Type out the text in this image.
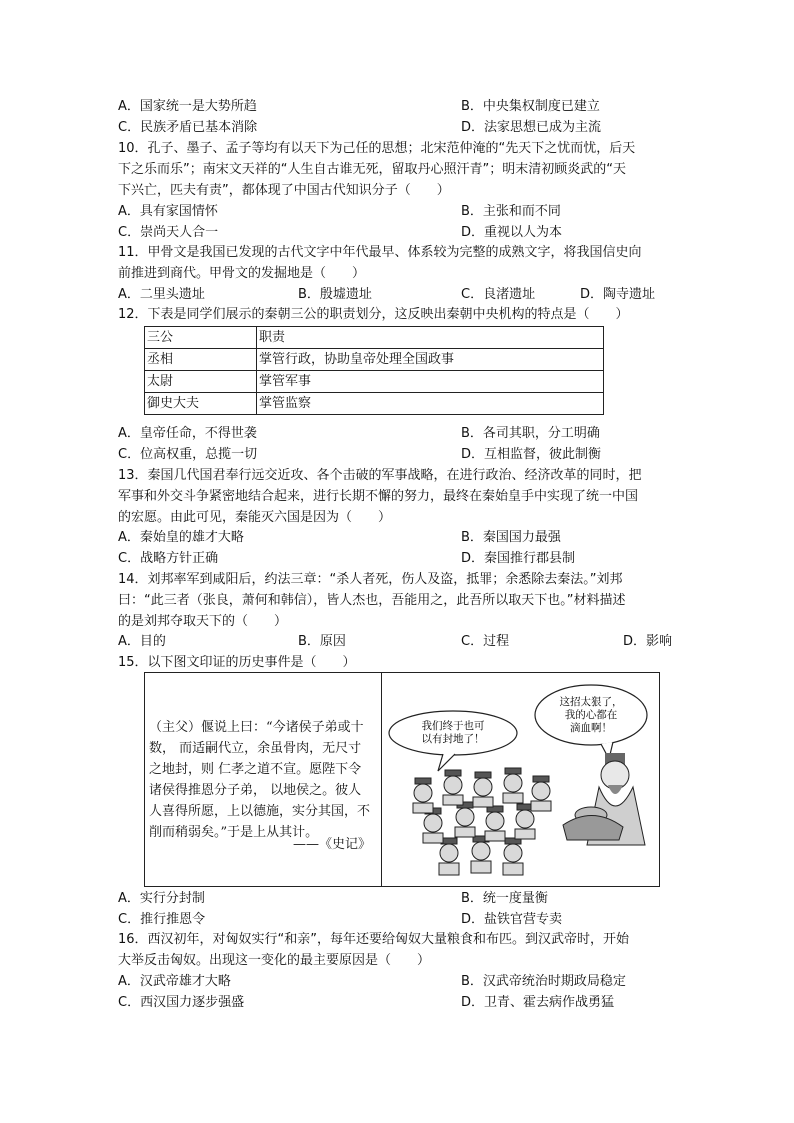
A．国家统一是大势所趋	B．中央集权制度已建立
C．民族矛盾已基本消除	D．法家思想已成为主流
10．孔子、墨子、孟子等均有以天下为己任的思想；北宋范仲淹的“先天下之忧而忧，后天
下之乐而乐”；南宋文天祥的“人生自古谁无死，留取丹心照汗青”；明末清初顾炎武的“天
下兴亡，匹夫有责”，都体现了中国古代知识分子（　　）
A．具有家国情怀	B．主张和而不同
C．崇尚天人合一	D．重视以人为本
11．甲骨文是我国已发现的古代文字中年代最早、体系较为完整的成熟文字，将我国信史向
前推进到商代。甲骨文的发掘地是（　　）
A．二里头遗址	B．殷墟遗址	C．良渚遗址	D．陶寺遗址
12．下表是同学们展示的秦朝三公的职责划分，这反映出秦朝中央机构的特点是（　　）
三公	职责
丞相	掌管行政，协助皇帝处理全国政事
太尉	掌管军事
御史大夫	掌管监察
A．皇帝任命，不得世袭	B．各司其职，分工明确
C．位高权重，总揽一切	D．互相监督，彼此制衡
13．秦国几代国君奉行远交近攻、各个击破的军事战略，在进行政治、经济改革的同时，把
军事和外交斗争紧密地结合起来，进行长期不懈的努力，最终在秦始皇手中实现了统一中国
的宏愿。由此可见，秦能灭六国是因为（　　）
A．秦始皇的雄才大略	B．秦国国力最强
C．战略方针正确	D．秦国推行郡县制
14．刘邦率军到咸阳后，约法三章：“杀人者死，伤人及盗，抵罪；余悉除去秦法。”刘邦
曰：“此三者（张良，萧何和韩信），皆人杰也，吾能用之，此吾所以取天下也。”材料描述
的是刘邦夺取天下的（　　）
A．目的	B．原因	C．过程	D．影响
15．以下图文印证的历史事件是（　　）
（主父）偃说上曰：“今诸侯子弟或十
数， 而适嗣代立，余虽骨肉，无尺寸
之地封，则 仁孝之道不宣。愿陛下令
诸侯得推恩分子弟， 以地侯之。彼人
人喜得所愿，上以德施，实分其国，不
削而稍弱矣。”于是上从其计。
——《史记》
我们终于也可
以有封地了！
这招太狠了，
我的心都在
滴血啊！
A．实行分封制	B．统一度量衡
C．推行推恩令	D．盐铁官营专卖
16．西汉初年，对匈奴实行“和亲”，每年还要给匈奴大量粮食和布匹。到汉武帝时，开始
大举反击匈奴。出现这一变化的最主要原因是（　　）
A．汉武帝雄才大略	B．汉武帝统治时期政局稳定
C．西汉国力逐步强盛	D．卫青、霍去病作战勇猛
